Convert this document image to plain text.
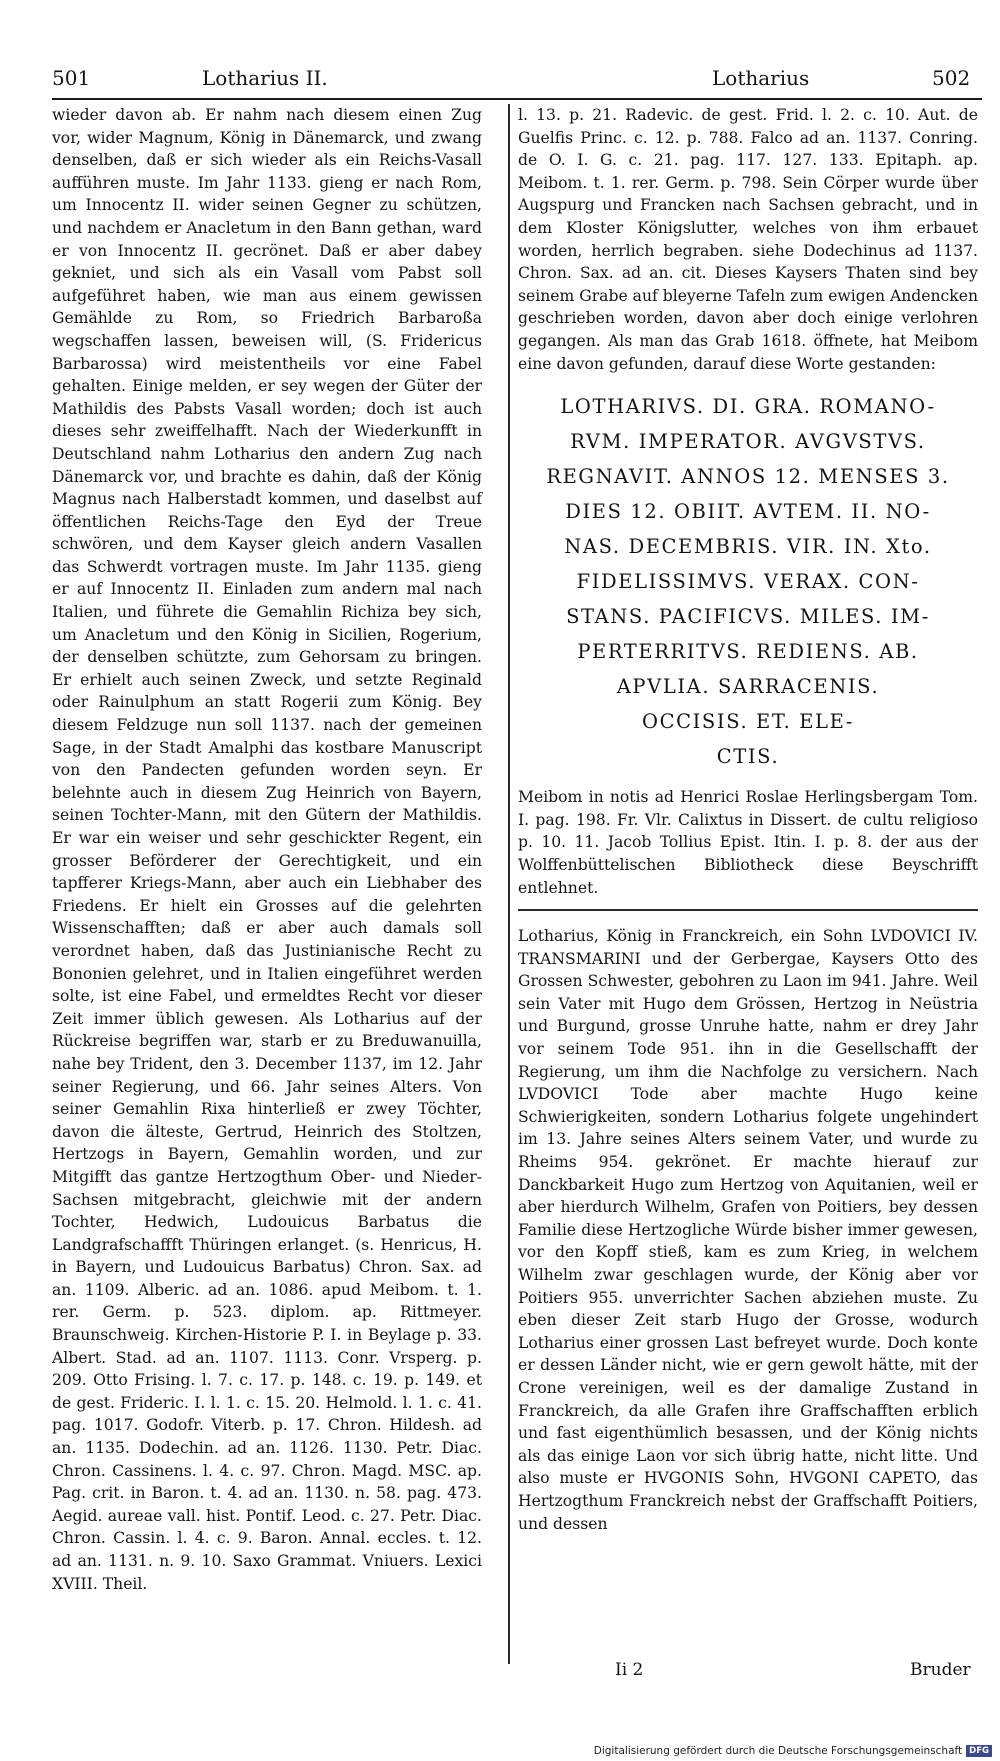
501	Lotharius II.	Lotharius	502

wieder davon ab. Er nahm nach diesem einen Zug vor, wider Magnum, König in Dänemarck, und zwang denselben, daß er sich wieder als ein Reichs-Vasall aufführen muste. Im Jahr 1133. gieng er nach Rom, um Innocentz II. wider seinen Gegner zu schützen, und nachdem er Anacletum in den Bann gethan, ward er von Innocentz II. gecrönet. Daß er aber dabey gekniet, und sich als ein Vasall vom Pabst soll aufgeführet haben, wie man aus einem gewissen Gemählde zu Rom, so Friedrich Barbaroßa wegschaffen lassen, beweisen will, (S. Fridericus Barbarossa) wird meistentheils vor eine Fabel gehalten. Einige melden, er sey wegen der Güter der Mathildis des Pabsts Vasall worden; doch ist auch dieses sehr zweiffelhafft. Nach der Wiederkunfft in Deutschland nahm Lotharius den andern Zug nach Dänemarck vor, und brachte es dahin, daß der König Magnus nach Halberstadt kommen, und daselbst auf öffentlichen Reichs-Tage den Eyd der Treue schwören, und dem Kayser gleich andern Vasallen das Schwerdt vortragen muste. Im Jahr 1135. gieng er auf Innocentz II. Einladen zum andern mal nach Italien, und führete die Gemahlin Richiza bey sich, um Anacletum und den König in Sicilien, Rogerium, der denselben schützte, zum Gehorsam zu bringen. Er erhielt auch seinen Zweck, und setzte Reginald oder Rainulphum an statt Rogerii zum König. Bey diesem Feldzuge nun soll 1137. nach der gemeinen Sage, in der Stadt Amalphi das kostbare Manuscript von den Pandecten gefunden worden seyn. Er belehnte auch in diesem Zug Heinrich von Bayern, seinen Tochter-Mann, mit den Gütern der Mathildis. Er war ein weiser und sehr geschickter Regent, ein grosser Beförderer der Gerechtigkeit, und ein tapfferer Kriegs-Mann, aber auch ein Liebhaber des Friedens. Er hielt ein Grosses auf die gelehrten Wissenschafften; daß er aber auch damals soll verordnet haben, daß das Justinianische Recht zu Bononien gelehret, und in Italien eingeführet werden solte, ist eine Fabel, und ermeldtes Recht vor dieser Zeit immer üblich gewesen. Als Lotharius auf der Rückreise begriffen war, starb er zu Breduwanuilla, nahe bey Trident, den 3. December 1137, im 12. Jahr seiner Regierung, und 66. Jahr seines Alters. Von seiner Gemahlin Rixa hinterließ er zwey Töchter, davon die älteste, Gertrud, Heinrich des Stoltzen, Hertzogs in Bayern, Gemahlin worden, und zur Mitgifft das gantze Hertzogthum Ober- und Nieder-Sachsen mitgebracht, gleichwie mit der andern Tochter, Hedwich, Ludouicus Barbatus die Landgrafschaffft Thüringen erlanget. (s. Henricus, H. in Bayern, und Ludouicus Barbatus) Chron. Sax. ad an. 1109. Alberic. ad an. 1086. apud Meibom. t. 1. rer. Germ. p. 523. diplom. ap. Rittmeyer. Braunschweig. Kirchen-Historie P. I. in Beylage p. 33. Albert. Stad. ad an. 1107. 1113. Conr. Vrsperg. p. 209. Otto Frising. l. 7. c. 17. p. 148. c. 19. p. 149. et de gest. Frideric. I. l. 1. c. 15. 20. Helmold. l. 1. c. 41. pag. 1017. Godofr. Viterb. p. 17. Chron. Hildesh. ad an. 1135. Dodechin. ad an. 1126. 1130. Petr. Diac. Chron. Cassinens. l. 4. c. 97. Chron. Magd. MSC. ap. Pag. crit. in Baron. t. 4. ad an. 1130. n. 58. pag. 473. Aegid. aureae vall. hist. Pontif. Leod. c. 27. Petr. Diac. Chron. Cassin. l. 4. c. 9. Baron. Annal. eccles. t. 12. ad an. 1131. n. 9. 10. Saxo Grammat. Vniuers. Lexici XVIII. Theil.

l. 13. p. 21. Radevic. de gest. Frid. l. 2. c. 10. Aut. de Guelfis Princ. c. 12. p. 788. Falco ad an. 1137. Conring. de O. I. G. c. 21. pag. 117. 127. 133. Epitaph. ap. Meibom. t. 1. rer. Germ. p. 798. Sein Cörper wurde über Augspurg und Francken nach Sachsen gebracht, und in dem Kloster Königslutter, welches von ihm erbauet worden, herrlich begraben. siehe Dodechinus ad 1137. Chron. Sax. ad an. cit. Dieses Kaysers Thaten sind bey seinem Grabe auf bleyerne Tafeln zum ewigen Andencken geschrieben worden, davon aber doch einige verlohren gegangen. Als man das Grab 1618. öffnete, hat Meibom eine davon gefunden, darauf diese Worte gestanden:

LOTHARIVS. DI. GRA. ROMANO-
RVM. IMPERATOR. AVGVSTVS.
REGNAVIT. ANNOS 12. MENSES 3.
DIES 12. OBIIT. AVTEM. II. NO-
NAS. DECEMBRIS. VIR. IN. Xto.
FIDELISSIMVS. VERAX. CON-
STANS. PACIFICVS. MILES. IM-
PERTERRITVS. REDIENS. AB.
APVLIA. SARRACENIS.
OCCISIS. ET. ELE-
CTIS.

Meibom in notis ad Henrici Roslae Herlingsbergam Tom. I. pag. 198. Fr. Vlr. Calixtus in Dissert. de cultu religioso p. 10. 11. Jacob Tollius Epist. Itin. I. p. 8. der aus der Wolffenbüttelischen Bibliotheck diese Beyschrifft entlehnet.

Lotharius, König in Franckreich, ein Sohn LVDOVICI IV. TRANSMARINI und der Gerbergae, Kaysers Otto des Grossen Schwester, gebohren zu Laon im 941. Jahre. Weil sein Vater mit Hugo dem Grössen, Hertzog in Neüstria und Burgund, grosse Unruhe hatte, nahm er drey Jahr vor seinem Tode 951. ihn in die Gesellschafft der Regierung, um ihm die Nachfolge zu versichern. Nach LVDOVICI Tode aber machte Hugo keine Schwierigkeiten, sondern Lotharius folgete ungehindert im 13. Jahre seines Alters seinem Vater, und wurde zu Rheims 954. gekrönet. Er machte hierauf zur Danckbarkeit Hugo zum Hertzog von Aquitanien, weil er aber hierdurch Wilhelm, Grafen von Poitiers, bey dessen Familie diese Hertzogliche Würde bisher immer gewesen, vor den Kopff stieß, kam es zum Krieg, in welchem Wilhelm zwar geschlagen wurde, der König aber vor Poitiers 955. unverrichter Sachen abziehen muste. Zu eben dieser Zeit starb Hugo der Grosse, wodurch Lotharius einer grossen Last befreyet wurde. Doch konte er dessen Länder nicht, wie er gern gewolt hätte, mit der Crone vereinigen, weil es der damalige Zustand in Franckreich, da alle Grafen ihre Graffschafften erblich und fast eigenthümlich besassen, und der König nichts als das einige Laon vor sich übrig hatte, nicht litte. Und also muste er HVGONIS Sohn, HVGONI CAPETO, das Hertzogthum Franckreich nebst der Graffschafft Poitiers, und dessen

Ii 2	Bruder
Digitalisierung gefördert durch die Deutsche Forschungsgemeinschaft DFG
